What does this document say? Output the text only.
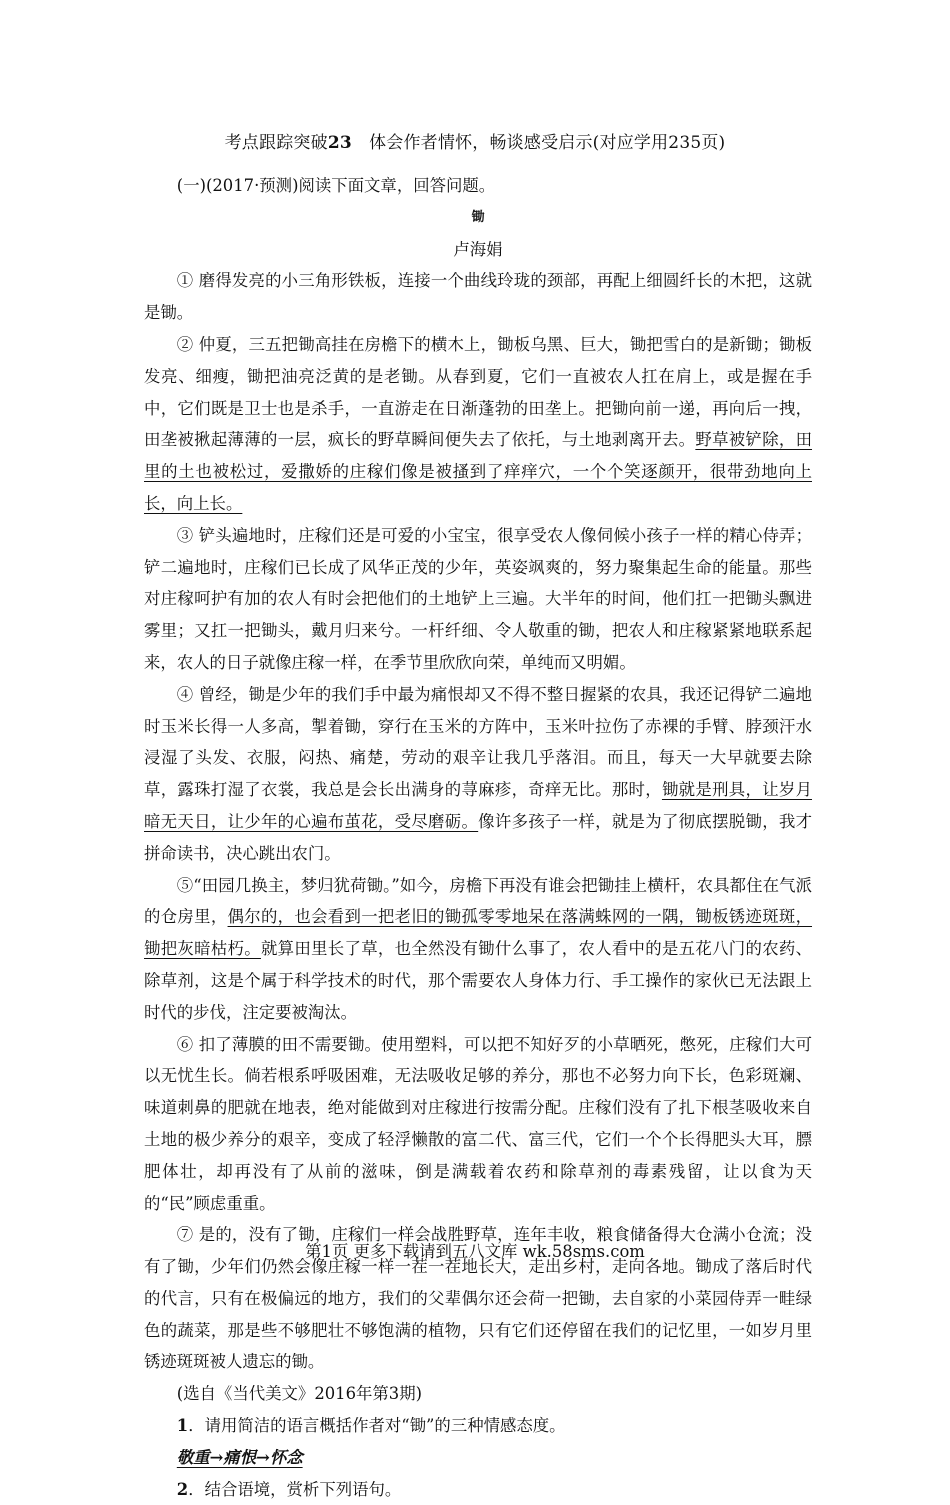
考点跟踪突破23　体会作者情怀，畅谈感受启示(对应学用235页)

(一)(2017·预测)阅读下面文章，回答问题。

锄

卢海娟

① 磨得发亮的小三角形铁板，连接一个曲线玲珑的颈部，再配上细圆纤长的木把，这就是锄。

② 仲夏，三五把锄高挂在房檐下的横木上，锄板乌黑、巨大，锄把雪白的是新锄；锄板发亮、细瘦，锄把油亮泛黄的是老锄。从春到夏，它们一直被农人扛在肩上，或是握在手中，它们既是卫士也是杀手，一直游走在日渐蓬勃的田垄上。把锄向前一递，再向后一拽，田垄被揪起薄薄的一层，疯长的野草瞬间便失去了依托，与土地剥离开去。野草被铲除，田里的土也被松过，爱撒娇的庄稼们像是被搔到了痒痒穴，一个个笑逐颜开，很带劲地向上长，向上长。

③ 铲头遍地时，庄稼们还是可爱的小宝宝，很享受农人像伺候小孩子一样的精心侍弄；铲二遍地时，庄稼们已长成了风华正茂的少年，英姿飒爽的，努力聚集起生命的能量。那些对庄稼呵护有加的农人有时会把他们的土地铲上三遍。大半年的时间，他们扛一把锄头飘进雾里；又扛一把锄头，戴月归来兮。一杆纤细、令人敬重的锄，把农人和庄稼紧紧地联系起来，农人的日子就像庄稼一样，在季节里欣欣向荣，单纯而又明媚。

④ 曾经，锄是少年的我们手中最为痛恨却又不得不整日握紧的农具，我还记得铲二遍地时玉米长得一人多高，掣着锄，穿行在玉米的方阵中，玉米叶拉伤了赤裸的手臂、脖颈汗水浸湿了头发、衣服，闷热、痛楚，劳动的艰辛让我几乎落泪。而且，每天一大早就要去除草，露珠打湿了衣裳，我总是会长出满身的荨麻疹，奇痒无比。那时，锄就是刑具，让岁月暗无天日，让少年的心遍布茧花，受尽磨砺。像许多孩子一样，就是为了彻底摆脱锄，我才拼命读书，决心跳出农门。

⑤“田园几换主，梦归犹荷锄。”如今，房檐下再没有谁会把锄挂上横杆，农具都住在气派的仓房里，偶尔的，也会看到一把老旧的锄孤零零地呆在落满蛛网的一隅，锄板锈迹斑斑，锄把灰暗枯朽。就算田里长了草，也全然没有锄什么事了，农人看中的是五花八门的农药、除草剂，这是个属于科学技术的时代，那个需要农人身体力行、手工操作的家伙已无法跟上时代的步伐，注定要被淘汰。

⑥ 扣了薄膜的田不需要锄。使用塑料，可以把不知好歹的小草晒死，憋死，庄稼们大可以无忧生长。倘若根系呼吸困难，无法吸收足够的养分，那也不必努力向下长，色彩斑斓、味道刺鼻的肥就在地表，绝对能做到对庄稼进行按需分配。庄稼们没有了扎下根茎吸收来自土地的极少养分的艰辛，变成了轻浮懒散的富二代、富三代，它们一个个长得肥头大耳，膘肥体壮，却再没有了从前的滋味，倒是满载着农药和除草剂的毒素残留，让以食为天的“民”顾虑重重。

⑦ 是的，没有了锄，庄稼们一样会战胜野草，连年丰收，粮食储备得大仓满小仓流；没有了锄，少年们仍然会像庄稼一样一茬一茬地长大，走出乡村，走向各地。锄成了落后时代的代言，只有在极偏远的地方，我们的父辈偶尔还会荷一把锄，去自家的小菜园侍弄一畦绿色的蔬菜，那是些不够肥壮不够饱满的植物，只有它们还停留在我们的记忆里，一如岁月里锈迹斑斑被人遗忘的锄。

(选自《当代美文》2016年第3期)

1．请用简洁的语言概括作者对“锄”的三种情感态度。

敬重→痛恨→怀念

2．结合语境，赏析下列语句。

第1页 更多下载请到五八文库 wk.58sms.com
